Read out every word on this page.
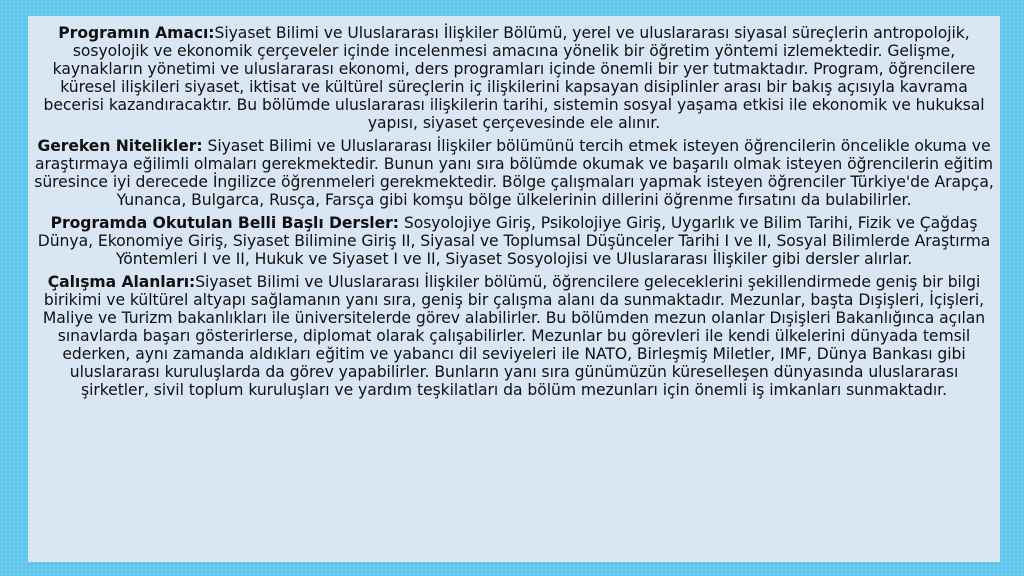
Programın Amacı:Siyaset Bilimi ve Uluslararası İlişkiler Bölümü, yerel ve uluslararası siyasal süreçlerin antropolojik, sosyolojik ve ekonomik çerçeveler içinde incelenmesi amacına yönelik bir öğretim yöntemi izlemektedir. Gelişme, kaynakların yönetimi ve uluslararası ekonomi, ders programları içinde önemli bir yer tutmaktadır. Program, öğrencilere küresel ilişkileri siyaset, iktisat ve kültürel süreçlerin iç ilişkilerini kapsayan disiplinler arası bir bakış açısıyla kavrama becerisi kazandıracaktır. Bu bölümde uluslararası ilişkilerin tarihi, sistemin sosyal yaşama etkisi ile ekonomik ve hukuksal yapısı, siyaset çerçevesinde ele alınır.

Gereken Nitelikler: Siyaset Bilimi ve Uluslararası İlişkiler bölümünü tercih etmek isteyen öğrencilerin öncelikle okuma ve araştırmaya eğilimli olmaları gerekmektedir. Bunun yanı sıra bölümde okumak ve başarılı olmak isteyen öğrencilerin eğitim süresince iyi derecede İngilizce öğrenmeleri gerekmektedir. Bölge çalışmaları yapmak isteyen öğrenciler Türkiye'de Arapça, Yunanca, Bulgarca, Rusça, Farsça gibi komşu bölge ülkelerinin dillerini öğrenme fırsatını da bulabilirler.

Programda Okutulan Belli Başlı Dersler: Sosyolojiye Giriş, Psikolojiye Giriş, Uygarlık ve Bilim Tarihi, Fizik ve Çağdaş Dünya, Ekonomiye Giriş, Siyaset Bilimine Giriş II, Siyasal ve Toplumsal Düşünceler Tarihi I ve II, Sosyal Bilimlerde Araştırma Yöntemleri I ve II, Hukuk ve Siyaset I ve II, Siyaset Sosyolojisi ve Uluslararası İlişkiler gibi dersler alırlar.

Çalışma Alanları:Siyaset Bilimi ve Uluslararası İlişkiler bölümü, öğrencilere geleceklerini şekillendirmede geniş bir bilgi birikimi ve kültürel altyapı sağlamanın yanı sıra, geniş bir çalışma alanı da sunmaktadır. Mezunlar, başta Dışişleri, İçişleri, Maliye ve Turizm bakanlıkları ile üniversitelerde görev alabilirler. Bu bölümden mezun olanlar Dışişleri Bakanlığınca açılan sınavlarda başarı gösterirlerse, diplomat olarak çalışabilirler. Mezunlar bu görevleri ile kendi ülkelerini dünyada temsil ederken, aynı zamanda aldıkları eğitim ve yabancı dil seviyeleri ile NATO, Birleşmiş Miletler, IMF, Dünya Bankası gibi uluslararası kuruluşlarda da görev yapabilirler. Bunların yanı sıra günümüzün küreselleşen dünyasında uluslararası şirketler, sivil toplum kuruluşları ve yardım teşkilatları da bölüm mezunları için önemli iş imkanları sunmaktadır.
